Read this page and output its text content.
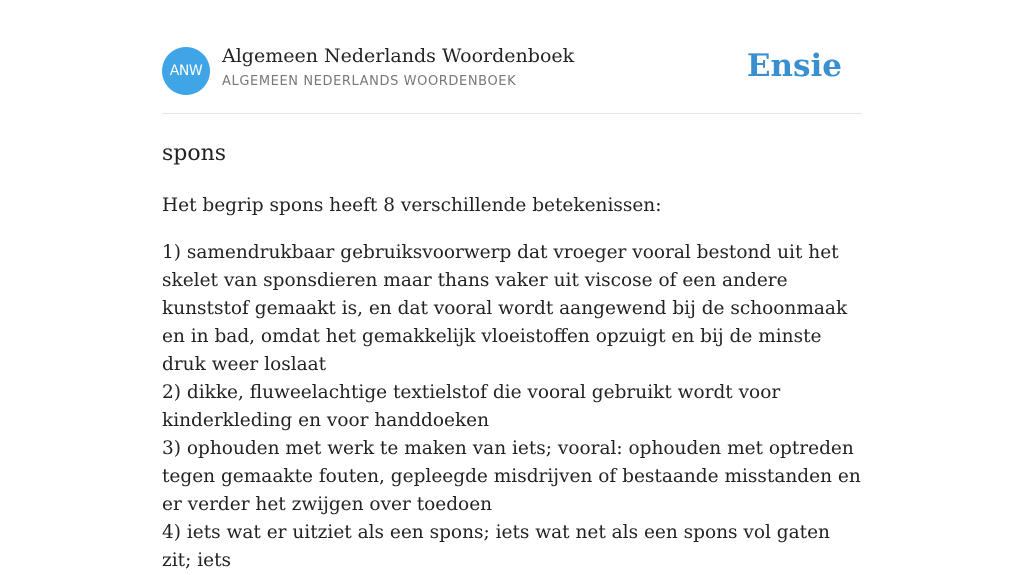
ANW
Algemeen Nederlands Woordenboek
ALGEMEEN NEDERLANDS WOORDENBOEK	Ensie
spons

Het begrip spons heeft 8 verschillende betekenissen:

1) samendrukbaar gebruiksvoorwerp dat vroeger vooral bestond uit het skelet van sponsdieren maar thans vaker uit viscose of een andere kunststof gemaakt is, en dat vooral wordt aangewend bij de schoonmaak en in bad, omdat het gemakkelijk vloeistoffen opzuigt en bij de minste druk weer loslaat
2) dikke, fluweelachtige textielstof die vooral gebruikt wordt voor kinderkleding en voor handdoeken
3) ophouden met werk te maken van iets; vooral: ophouden met optreden tegen gemaakte fouten, gepleegde misdrijven of bestaande misstanden en er verder het zwijgen over toedoen
4) iets wat er uitziet als een spons; iets wat net als een spons vol gaten zit; iets
